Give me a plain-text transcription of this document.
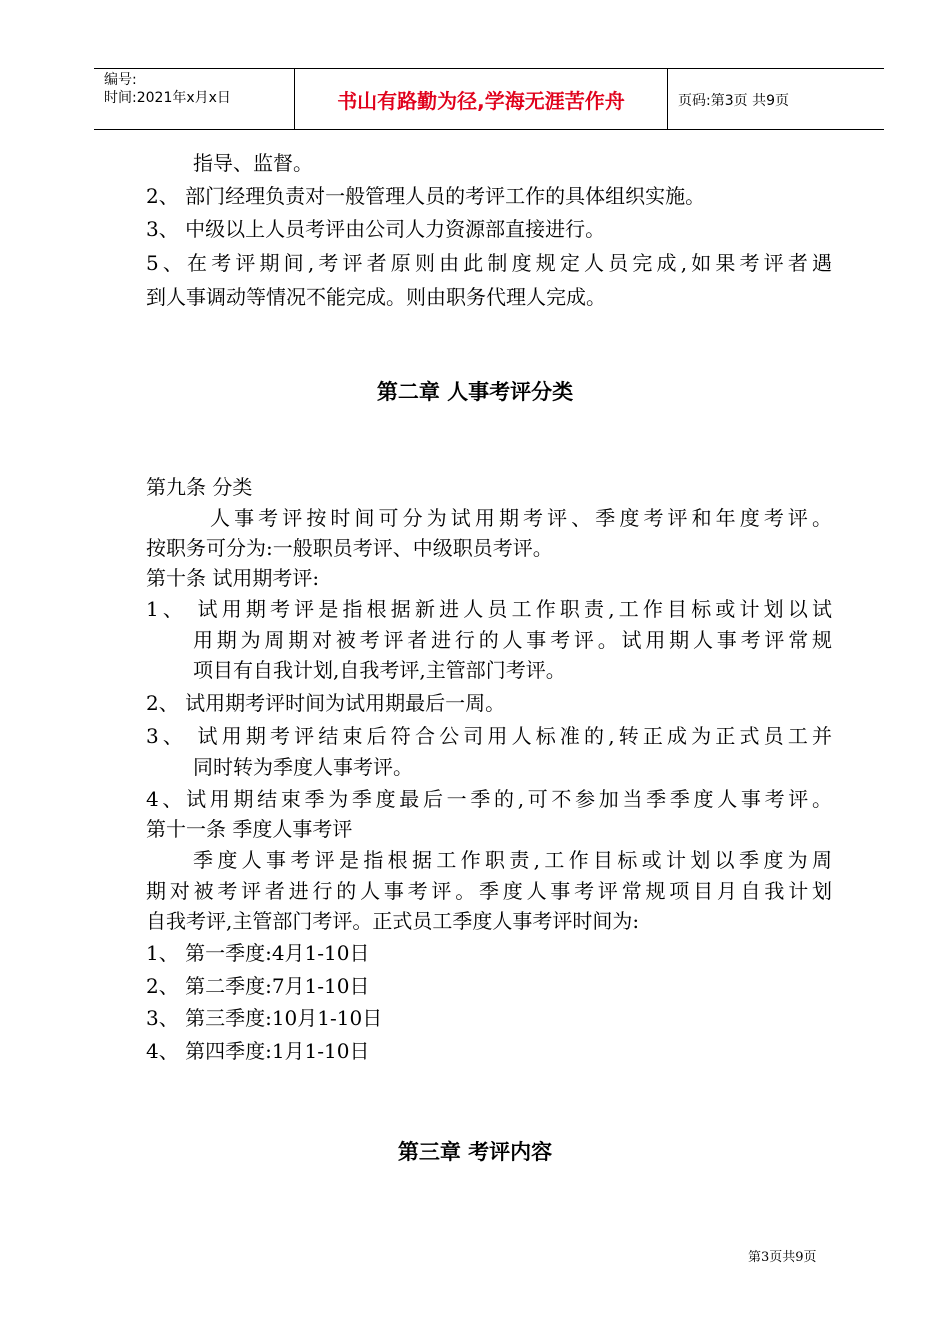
编号:
时间:2021年x月x日	书山有路勤为径,学海无涯苦作舟	页码:第3页 共9页
指导、监督。
2、 部门经理负责对一般管理人员的考评工作的具体组织实施。
3、 中级以上人员考评由公司人力资源部直接进行。
5、在考评期间,考评者原则由此制度规定人员完成,如果考评者遇
到人事调动等情况不能完成。则由职务代理人完成。
第二章 人事考评分类
第九条 分类
人事考评按时间可分为试用期考评、季度考评和年度考评。
按职务可分为:一般职员考评、中级职员考评。
第十条 试用期考评:
1、 试用期考评是指根据新进人员工作职责,工作目标或计划以试
用期为周期对被考评者进行的人事考评。试用期人事考评常规
项目有自我计划,自我考评,主管部门考评。
2、 试用期考评时间为试用期最后一周。
3、 试用期考评结束后符合公司用人标准的,转正成为正式员工并
同时转为季度人事考评。
4、试用期结束季为季度最后一季的,可不参加当季季度人事考评。
第十一条 季度人事考评
季度人事考评是指根据工作职责,工作目标或计划以季度为周
期对被考评者进行的人事考评。季度人事考评常规项目月自我计划
自我考评,主管部门考评。正式员工季度人事考评时间为:
1、 第一季度:4月1-10日
2、 第二季度:7月1-10日
3、 第三季度:10月1-10日
4、 第四季度:1月1-10日
第三章 考评内容
第3页共9页
